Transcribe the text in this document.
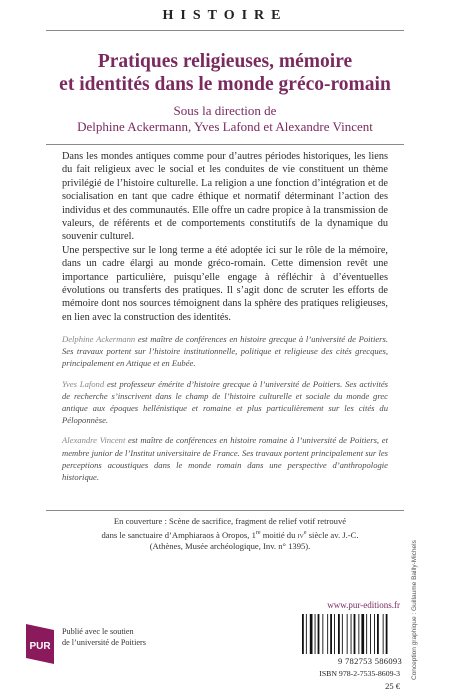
HISTOIRE
Pratiques religieuses, mémoire
et identités dans le monde gréco-romain
Sous la direction de
Delphine Ackermann, Yves Lafond et Alexandre Vincent

Dans les mondes antiques comme pour d’autres périodes historiques, les liens du fait religieux avec le social et les conduites de vie constituent un thème privilégié de l’histoire culturelle. La religion a une fonction d’intégration et de socialisation en tant que cadre éthique et normatif déterminant l’action des individus et des communautés. Elle offre un cadre propice à la transmission de valeurs, de référents et de comportements constitutifs de la dynamique du souvenir culturel.

Une perspective sur le long terme a été adoptée ici sur le rôle de la mémoire, dans un cadre élargi au monde gréco-romain. Cette dimension revêt une importance particulière, puisqu’elle engage à réfléchir à d’éventuelles évolutions ou transferts des pratiques. Il s’agit donc de scruter les efforts de mémoire dont nos sources témoignent dans la sphère des pratiques religieuses, en lien avec la construction des identités.

Delphine Ackermann est maître de conférences en histoire grecque à l’université de Poitiers. Ses travaux portent sur l’histoire institutionnelle, politique et religieuse des cités grecques, principalement en Attique et en Eubée.

Yves Lafond est professeur émérite d’histoire grecque à l’université de Poitiers. Ses activités de recherche s’inscrivent dans le champ de l’histoire culturelle et sociale du monde grec antique aux époques hellénistique et romaine et plus particulièrement sur les cités du Péloponnèse.

Alexandre Vincent est maître de conférences en histoire romaine à l’université de Poitiers, et membre junior de l’Institut universitaire de France. Ses travaux portent principalement sur les perceptions acoustiques dans le monde romain dans une perspective d’anthropologie historique.

En couverture : Scène de sacrifice, fragment de relief votif retrouvé
dans le sanctuaire d’Amphiaraos à Oropos, 1re moitié du $iv^e$ siècle av. J.-C.
(Athènes, Musée archéologique, Inv. n° 1395).	Conception graphique : Guillaume Bailly-Michels
www.pur-editions.fr
9 782753 586093
ISBN 978-2-7535-8609-3
25 €
PUR
Publié avec le soutien
de l’université de Poitiers
